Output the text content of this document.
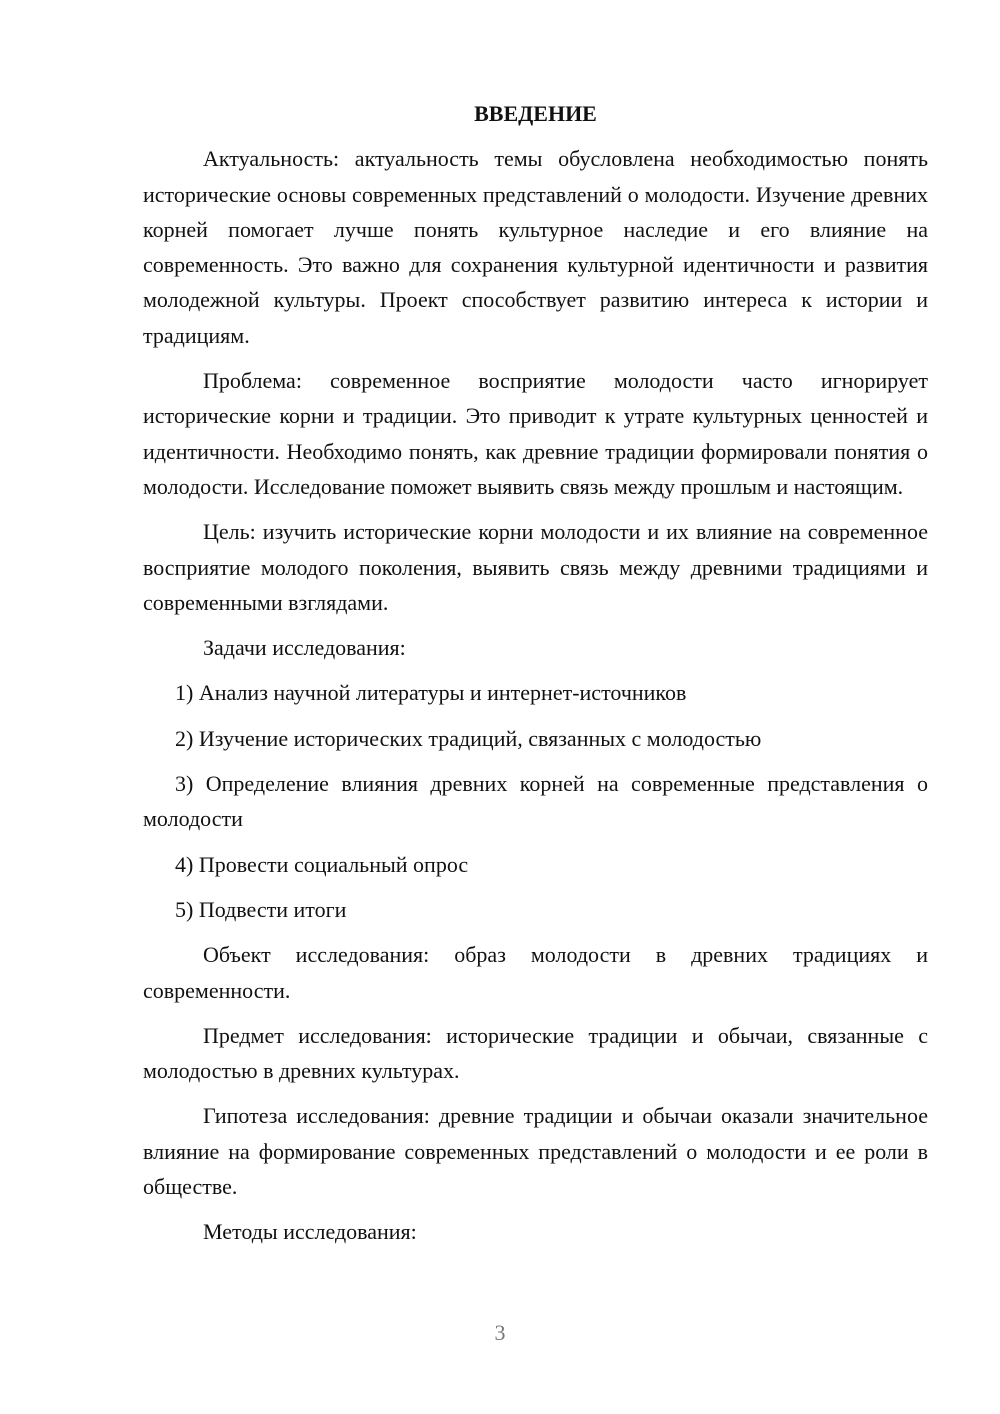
ВВЕДЕНИЕ
Актуальность: актуальность темы обусловлена необходимостью понять исторические основы современных представлений о молодости. Изучение древних корней помогает лучше понять культурное наследие и его влияние на современность. Это важно для сохранения культурной идентичности и развития молодежной культуры. Проект способствует развитию интереса к истории и традициям.
Проблема: современное восприятие молодости часто игнорирует исторические корни и традиции. Это приводит к утрате культурных ценностей и идентичности. Необходимо понять, как древние традиции формировали понятия о молодости. Исследование поможет выявить связь между прошлым и настоящим.
Цель: изучить исторические корни молодости и их влияние на современное восприятие молодого поколения, выявить связь между древними традициями и современными взглядами.
Задачи исследования:
1) Анализ научной литературы и интернет-источников
2) Изучение исторических традиций, связанных с молодостью
3) Определение влияния древних корней на современные представления о молодости
4) Провести социальный опрос
5) Подвести итоги
Объект исследования: образ молодости в древних традициях и современности.
Предмет исследования: исторические традиции и обычаи, связанные с молодостью в древних культурах.
Гипотеза исследования: древние традиции и обычаи оказали значительное влияние на формирование современных представлений о молодости и ее роли в обществе.
Методы исследования:
3
